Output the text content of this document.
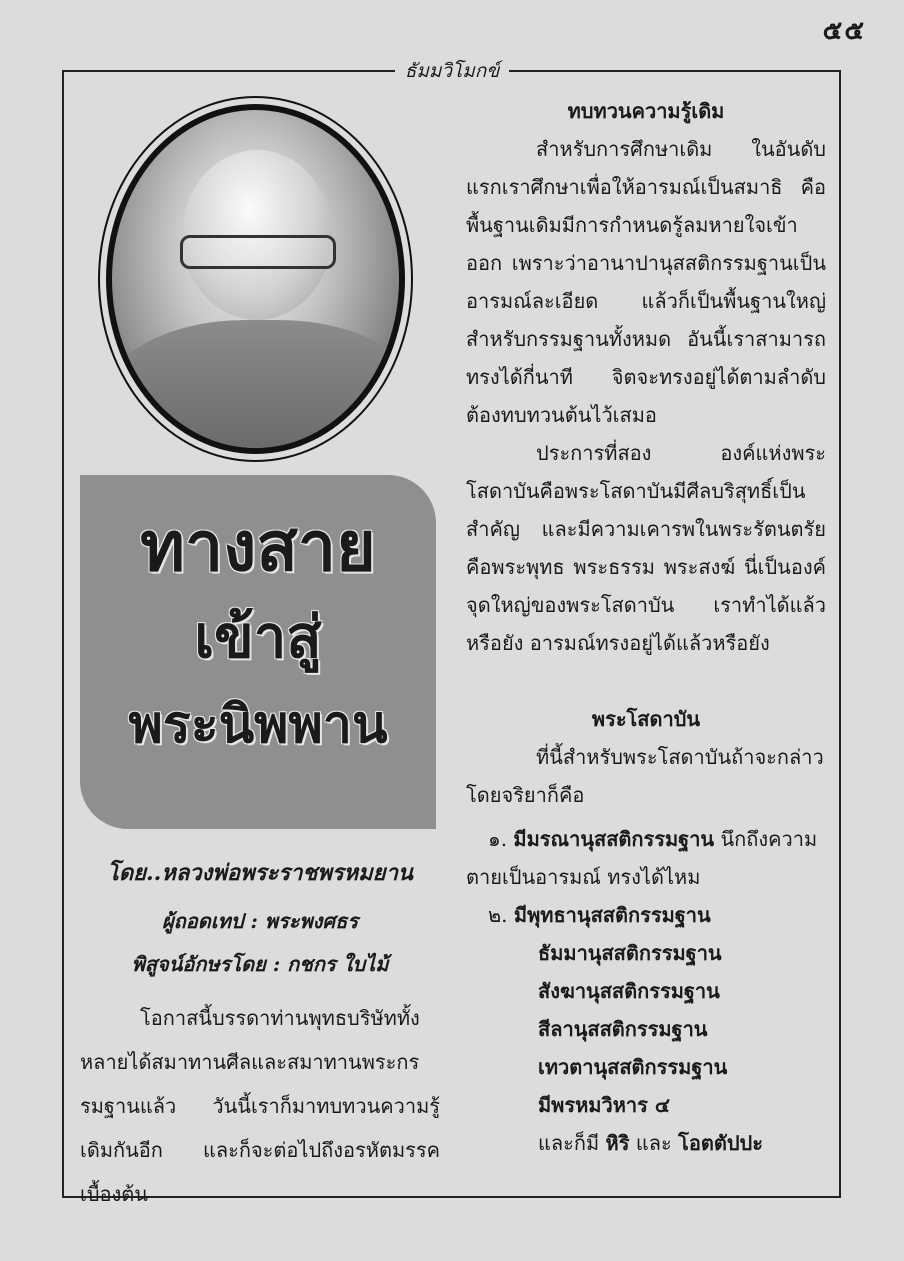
๕๕
ธัมมวิโมกข์
ทางสาย
เข้าสู่
พระนิพพาน
โดย..หลวงพ่อพระราชพรหมยาน
ผู้ถอดเทป : พระพงศธร
พิสูจน์อักษรโดย : กชกร ใบไม้

โอกาสนี้บรรดาท่านพุทธบริษัททั้งหลายได้สมาทานศีลและสมาทานพระกรรมฐานแล้ว วันนี้เราก็มาทบทวนความรู้เดิมกันอีก และก็จะต่อไปถึงอรหัตมรรคเบื้องต้น

ทบทวนความรู้เดิม

สำหรับการศึกษาเดิม ในอันดับแรกเราศึกษาเพื่อให้อารมณ์เป็นสมาธิ คือพื้นฐานเดิมมีการกำหนดรู้ลมหายใจเข้าออก เพราะว่าอานาปานุสสติกรรมฐานเป็นอารมณ์ละเอียด แล้วก็เป็นพื้นฐานใหญ่สำหรับกรรมฐานทั้งหมด อันนี้เราสามารถทรงได้กี่นาที จิตจะทรงอยู่ได้ตามลำดับ ต้องทบทวนต้นไว้เสมอ

ประการที่สอง องค์แห่งพระโสดาบันคือพระโสดาบันมีศีลบริสุทธิ์เป็นสำคัญ และมีความเคารพในพระรัตนตรัย คือพระพุทธ พระธรรม พระสงฆ์ นี่เป็นองค์จุดใหญ่ของพระโสดาบัน เราทำได้แล้วหรือยัง อารมณ์ทรงอยู่ได้แล้วหรือยัง

พระโสดาบัน

ที่นี้สำหรับพระโสดาบันถ้าจะกล่าวโดยจริยาก็คือ

๑. มีมรณานุสสติกรรมฐาน นึกถึงความตายเป็นอารมณ์ ทรงได้ไหม

๒. มีพุทธานุสสติกรรมฐาน

ธัมมานุสสติกรรมฐาน

สังฆานุสสติกรรมฐาน

สีลานุสสติกรรมฐาน

เทวตานุสสติกรรมฐาน

มีพรหมวิหาร ๔

และก็มี หิริ และ โอตตัปปะ
